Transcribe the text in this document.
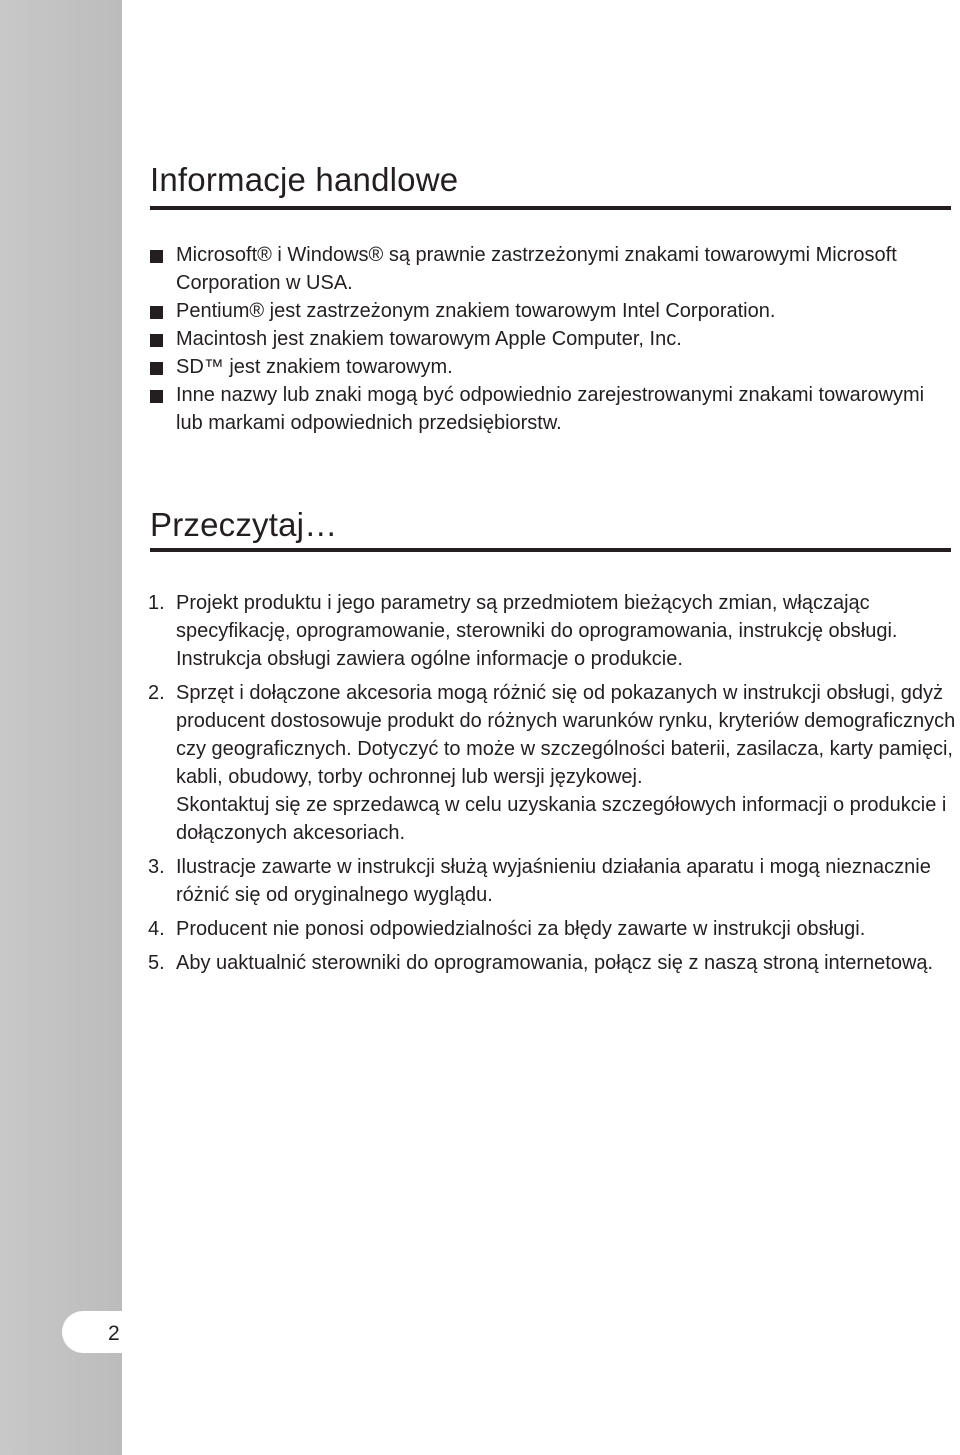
2
Informacje handlowe
Microsoft® i Windows® są prawnie zastrzeżonymi znakami towarowymi Microsoft Corporation w USA.
Pentium® jest zastrzeżonym znakiem towarowym Intel Corporation.
Macintosh jest znakiem towarowym Apple Computer, Inc.
SD™ jest znakiem towarowym.
Inne nazwy lub znaki mogą być odpowiednio zarejestrowanymi znakami towarowymi lub markami odpowiednich przedsiębiorstw.
Przeczytaj…
1. Projekt produktu i jego parametry są przedmiotem bieżących zmian, włączając specyfikację, oprogramowanie, sterowniki do oprogramowania, instrukcję obsługi. Instrukcja obsługi zawiera ogólne informacje o produkcie.

2. Sprzęt i dołączone akcesoria mogą różnić się od pokazanych w instrukcji obsługi, gdyż producent dostosowuje produkt do różnych warunków rynku, kryteriów demograficznych czy geograficznych. Dotyczyć to może w szczególności baterii, zasilacza, karty pamięci, kabli, obudowy, torby ochronnej lub wersji językowej.

Skontaktuj się ze sprzedawcą w celu uzyskania szczegółowych informacji o produkcie i dołączonych akcesoriach.

3. Ilustracje zawarte w instrukcji służą wyjaśnieniu działania aparatu i mogą nieznacznie różnić się od oryginalnego wyglądu.

4. Producent nie ponosi odpowiedzialności za błędy zawarte w instrukcji obsługi.

5. Aby uaktualnić sterowniki do oprogramowania, połącz się z naszą stroną internetową.
